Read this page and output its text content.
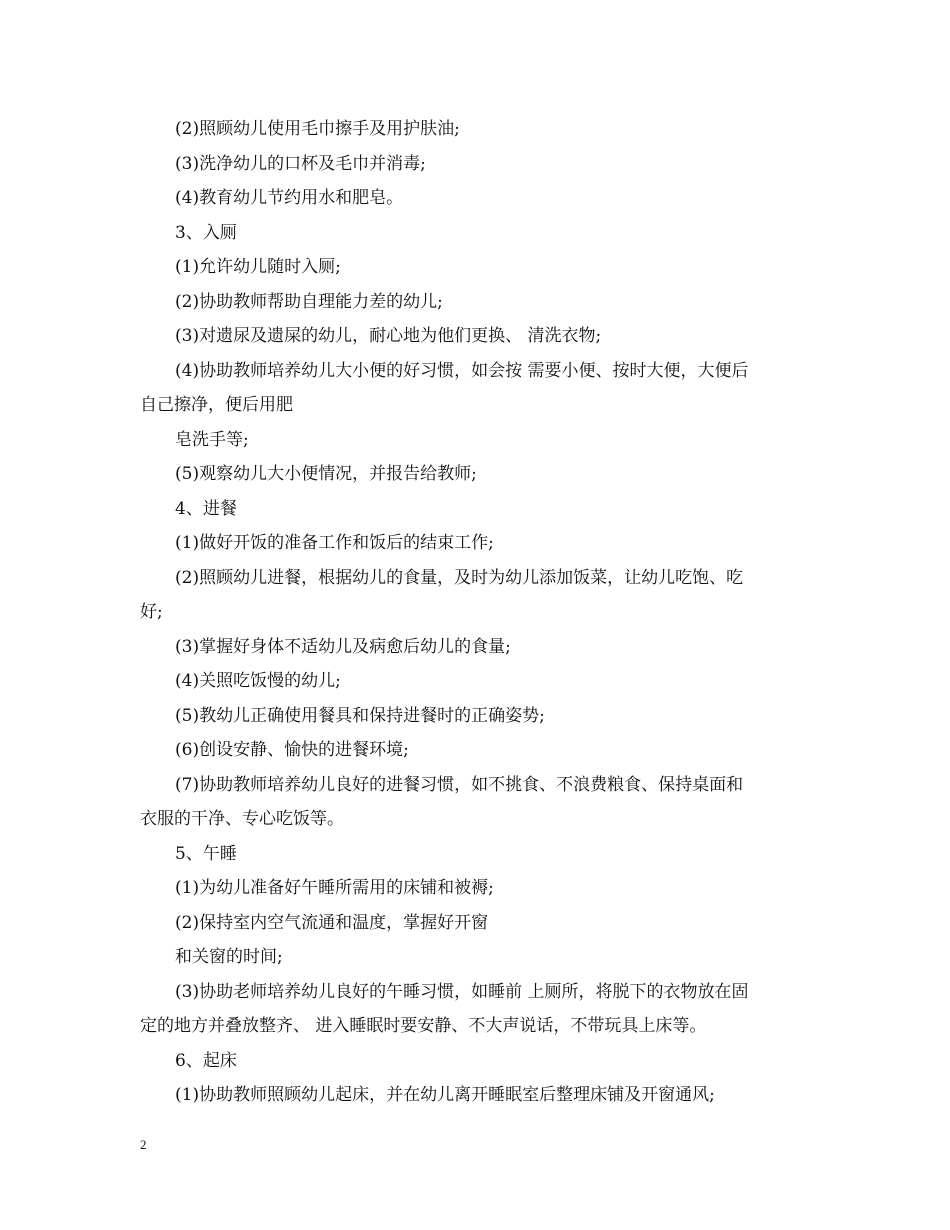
(2)照顾幼儿使用毛巾擦手及用护肤油;
(3)洗净幼儿的口杯及毛巾并消毒;
(4)教育幼儿节约用水和肥皂。
3、入厕
(1)允许幼儿随时入厕;
(2)协助教师帮助自理能力差的幼儿;
(3)对遗尿及遗屎的幼儿，耐心地为他们更换、 清洗衣物;
(4)协助教师培养幼儿大小便的好习惯，如会按 需要小便、按时大便，大便后
自己擦净，便后用肥
皂洗手等;
(5)观察幼儿大小便情况，并报告给教师;
4、进餐
(1)做好开饭的准备工作和饭后的结束工作;
(2)照顾幼儿进餐，根据幼儿的食量，及时为幼儿添加饭菜，让幼儿吃饱、吃
好;
(3)掌握好身体不适幼儿及病愈后幼儿的食量;
(4)关照吃饭慢的幼儿;
(5)教幼儿正确使用餐具和保持进餐时的正确姿势;
(6)创设安静、愉快的进餐环境;
(7)协助教师培养幼儿良好的进餐习惯，如不挑食、不浪费粮食、保持桌面和
衣服的干净、专心吃饭等。
5、午睡
(1)为幼儿准备好午睡所需用的床铺和被褥;
(2)保持室内空气流通和温度，掌握好开窗
和关窗的时间;
(3)协助老师培养幼儿良好的午睡习惯，如睡前 上厕所，将脱下的衣物放在固
定的地方并叠放整齐、 进入睡眠时要安静、不大声说话，不带玩具上床等。
6、起床
(1)协助教师照顾幼儿起床，并在幼儿离开睡眠室后整理床铺及开窗通风;
2
